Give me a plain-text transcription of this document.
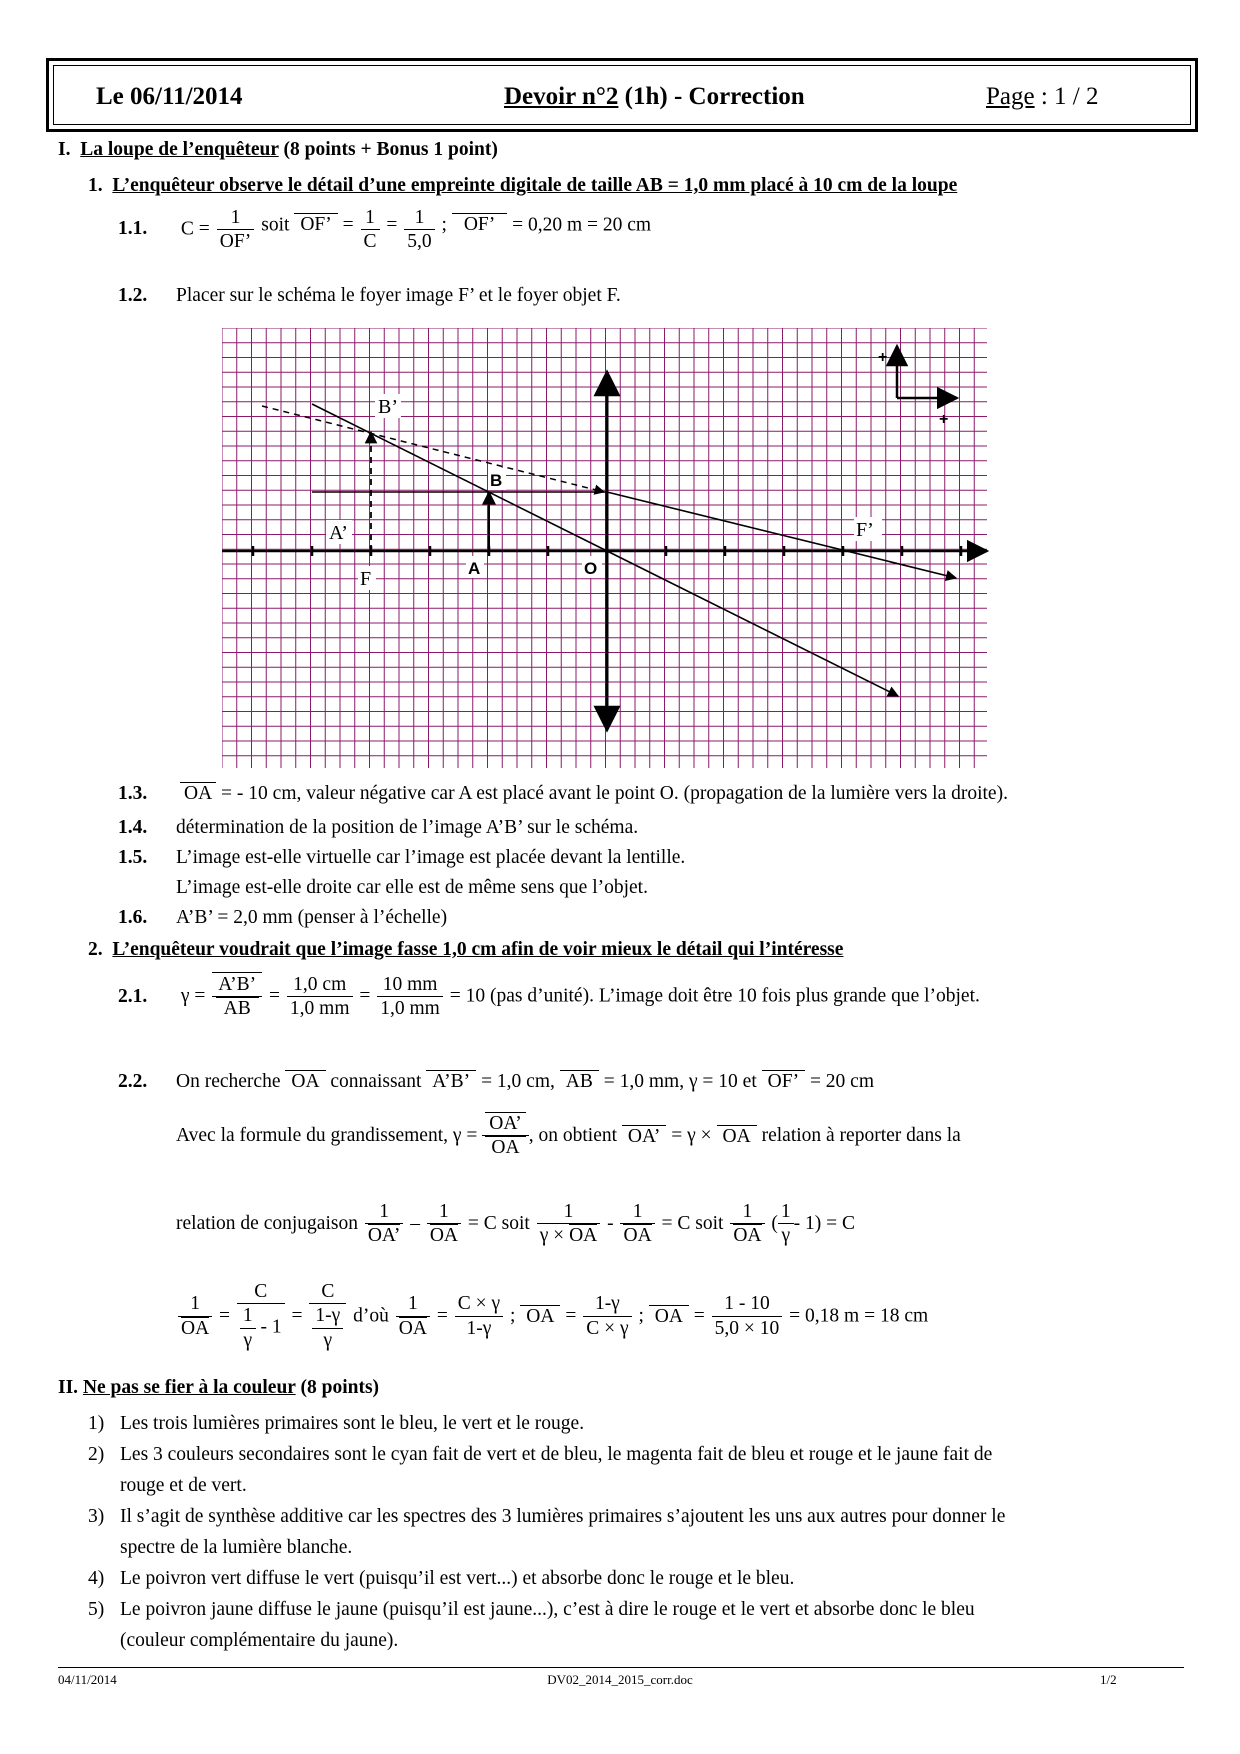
Le 06/11/2014	Devoir n°2 (1h) - Correction	Page : 1 / 2
I. La loupe de l’enquêteur (8 points + Bonus 1 point)
1. L’enquêteur observe le détail d’une empreinte digitale de taille AB = 1,0 mm placé à 10 cm de la loupe
1.1. $C = \frac{1}{OF’}$ soit OF’ = $\frac{1}{C} = \frac{1}{5,0}$ ; OF’ = 0,20 m = 20 cm
1.2. Placer sur le schéma le foyer image F’ et le foyer objet F.
B’
B
A’
A	O
F
F’
+
+
1.3. OA = - 10 cm, valeur négative car A est placé avant le point O. (propagation de la lumière vers la droite).
1.4. détermination de la position de l’image A’B’ sur le schéma.
1.5. L’image est-elle virtuelle car l’image est placée devant la lentille.
L’image est-elle droite car elle est de même sens que l’objet.
1.6. A’B’ = 2,0 mm (penser à l’échelle)
2. L’enquêteur voudrait que l’image fasse 1,0 cm afin de voir mieux le détail qui l’intéresse
2.1. $\gamma = \frac{A’B’}{AB} = \frac{1,0 cm}{1,0 mm} = \frac{10 mm}{1,0 mm} = 10$ (pas d’unité). L’image doit être 10 fois plus grande que l’objet.
2.2. On recherche OA connaissant A’B’ = 1,0 cm, AB = 1,0 mm, γ = 10 et OF’ = 20 cm
Avec la formule du grandissement, $\gamma = \frac{OA’}{OA}$ , on obtient OA’ = γ × OA relation à reporter dans la
relation de conjugaison $\frac{1}{OA’} - \frac{1}{OA} = C$ soit $\frac{1}{\gamma \times OA} - \frac{1}{OA} = C$ soit $\frac{1}{OA}$ ( $\frac{1}{\gamma} - 1) = C$
$\frac{1}{OA} = \frac{C}{\frac{1}{\gamma} - 1} = \frac{C}{\frac{1-\gamma}{\gamma}}$ d’où $\frac{1}{OA} = \frac{C \times \gamma}{1-\gamma}$ ; OA = $\frac{1-\gamma}{C \times \gamma}$ ; OA = $\frac{1 - 10}{5,0 \times 10} = 0,18$ m = 18 cm
II. Ne pas se fier à la couleur (8 points)
1) Les trois lumières primaires sont le bleu, le vert et le rouge.
2) Les 3 couleurs secondaires sont le cyan fait de vert et de bleu, le magenta fait de bleu et rouge et le jaune fait de
rouge et de vert.
3) Il s’agit de synthèse additive car les spectres des 3 lumières primaires s’ajoutent les uns aux autres pour donner le
spectre de la lumière blanche.
4) Le poivron vert diffuse le vert (puisqu’il est vert...) et absorbe donc le rouge et le bleu.
5) Le poivron jaune diffuse le jaune (puisqu’il est jaune...), c’est à dire le rouge et le vert et absorbe donc le bleu
(couleur complémentaire du jaune).
04/11/2014	DV02_2014_2015_corr.doc	1/2
